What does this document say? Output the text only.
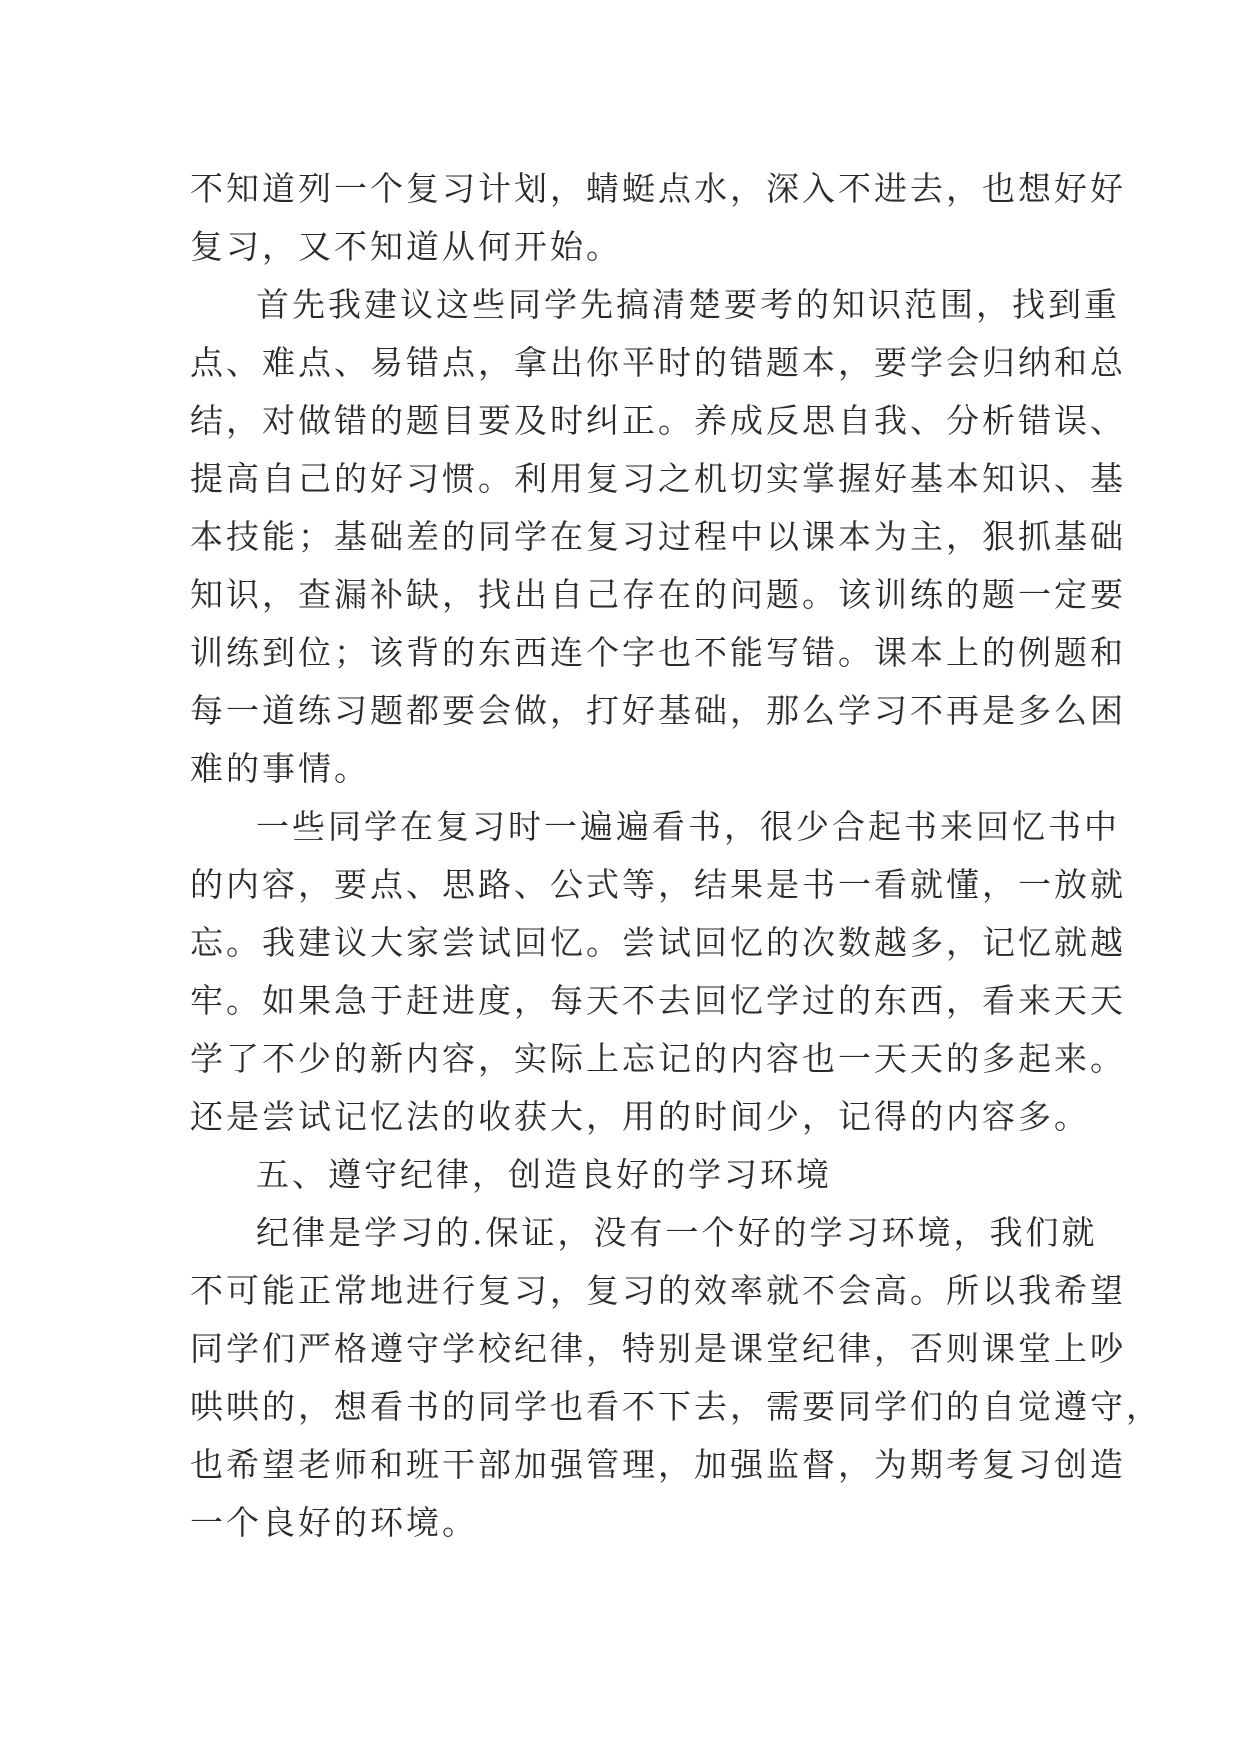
不知道列一个复习计划，蜻蜓点水，深入不进去，也想好好
复习，又不知道从何开始。
首先我建议这些同学先搞清楚要考的知识范围，找到重
点、难点、易错点，拿出你平时的错题本，要学会归纳和总
结，对做错的题目要及时纠正。养成反思自我、分析错误、
提高自己的好习惯。利用复习之机切实掌握好基本知识、基
本技能；基础差的同学在复习过程中以课本为主，狠抓基础
知识，查漏补缺，找出自己存在的问题。该训练的题一定要
训练到位；该背的东西连个字也不能写错。课本上的例题和
每一道练习题都要会做，打好基础，那么学习不再是多么困
难的事情。
一些同学在复习时一遍遍看书，很少合起书来回忆书中
的内容，要点、思路、公式等，结果是书一看就懂，一放就
忘。我建议大家尝试回忆。尝试回忆的次数越多，记忆就越
牢。如果急于赶进度，每天不去回忆学过的东西，看来天天
学了不少的新内容，实际上忘记的内容也一天天的多起来。
还是尝试记忆法的收获大，用的时间少，记得的内容多。
五、遵守纪律，创造良好的学习环境
纪律是学习的.保证，没有一个好的学习环境，我们就
不可能正常地进行复习，复习的效率就不会高。所以我希望
同学们严格遵守学校纪律，特别是课堂纪律，否则课堂上吵
哄哄的，想看书的同学也看不下去，需要同学们的自觉遵守，
也希望老师和班干部加强管理，加强监督，为期考复习创造
一个良好的环境。
